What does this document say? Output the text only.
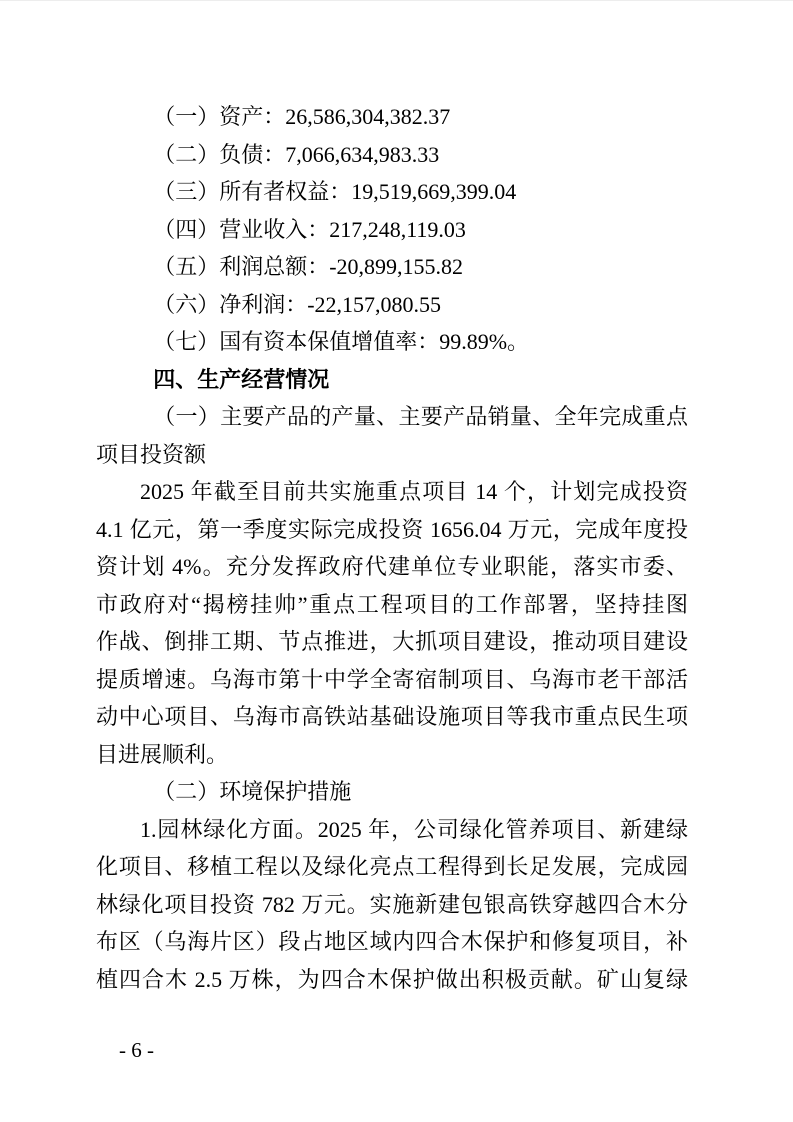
（一）资产：26,586,304,382.37

（二）负债：7,066,634,983.33

（三）所有者权益：19,519,669,399.04

（四）营业收入：217,248,119.03

（五）利润总额：-20,899,155.82

（六）净利润：-22,157,080.55

（七）国有资本保值增值率：99.89%。

四、生产经营情况

（一）主要产品的产量、主要产品销量、全年完成重点

项目投资额

2025 年截至目前共实施重点项目 14 个，计划完成投资

4.1 亿元，第一季度实际完成投资 1656.04 万元，完成年度投

资计划 4%。充分发挥政府代建单位专业职能，落实市委、

市政府对“揭榜挂帅”重点工程项目的工作部署，坚持挂图

作战、倒排工期、节点推进，大抓项目建设，推动项目建设

提质增速。乌海市第十中学全寄宿制项目、乌海市老干部活

动中心项目、乌海市高铁站基础设施项目等我市重点民生项

目进展顺利。

（二）环境保护措施

1.园林绿化方面。2025 年，公司绿化管养项目、新建绿

化项目、移植工程以及绿化亮点工程得到长足发展，完成园

林绿化项目投资 782 万元。实施新建包银高铁穿越四合木分

布区（乌海片区）段占地区域内四合木保护和修复项目，补

植四合木 2.5 万株，为四合木保护做出积极贡献。矿山复绿

- 6 -
